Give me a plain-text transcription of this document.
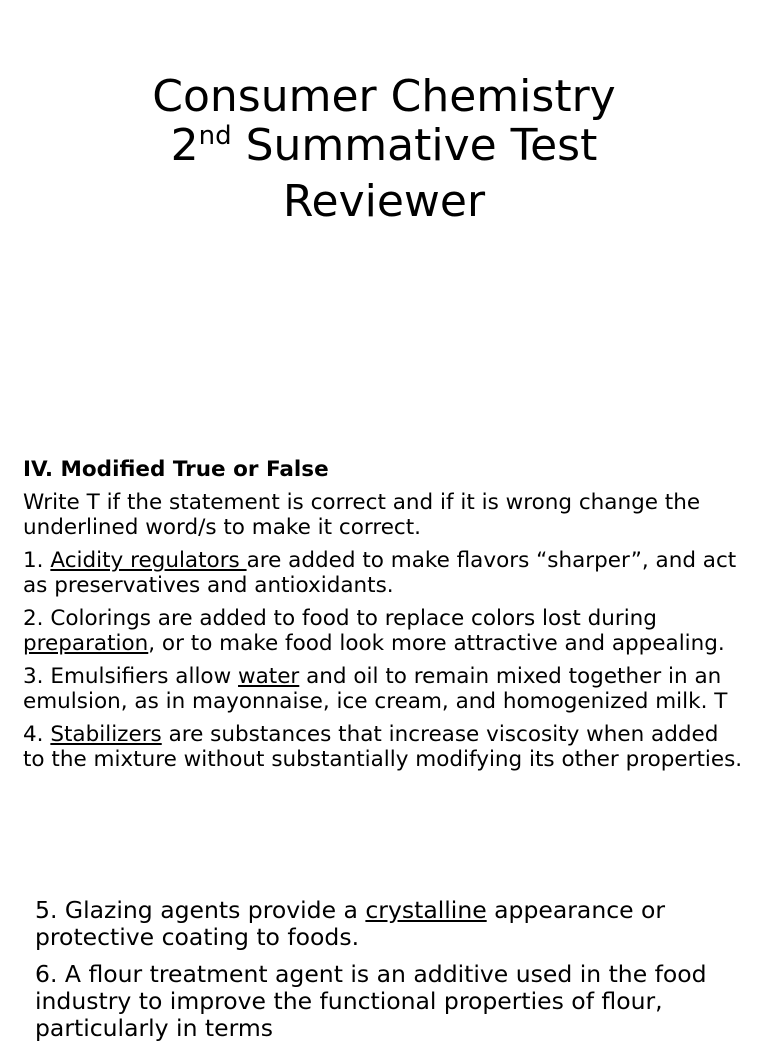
Consumer Chemistry
2nd Summative Test
Reviewer

IV. Modified True or False

Write T if the statement is correct and if it is wrong change the underlined word/s to make it correct.

1. Acidity regulators are added to make flavors “sharper”, and act as preservatives and antioxidants.

2. Colorings are added to food to replace colors lost during preparation, or to make food look more attractive and appealing.

3. Emulsifiers allow water and oil to remain mixed together in an emulsion, as in mayonnaise, ice cream, and homogenized milk. T

4. Stabilizers are substances that increase viscosity when added to the mixture without substantially modifying its other properties.

5. Glazing agents provide a crystalline appearance or protective coating to foods.

6. A flour treatment agent is an additive used in the food industry to improve the functional properties of flour, particularly in terms
